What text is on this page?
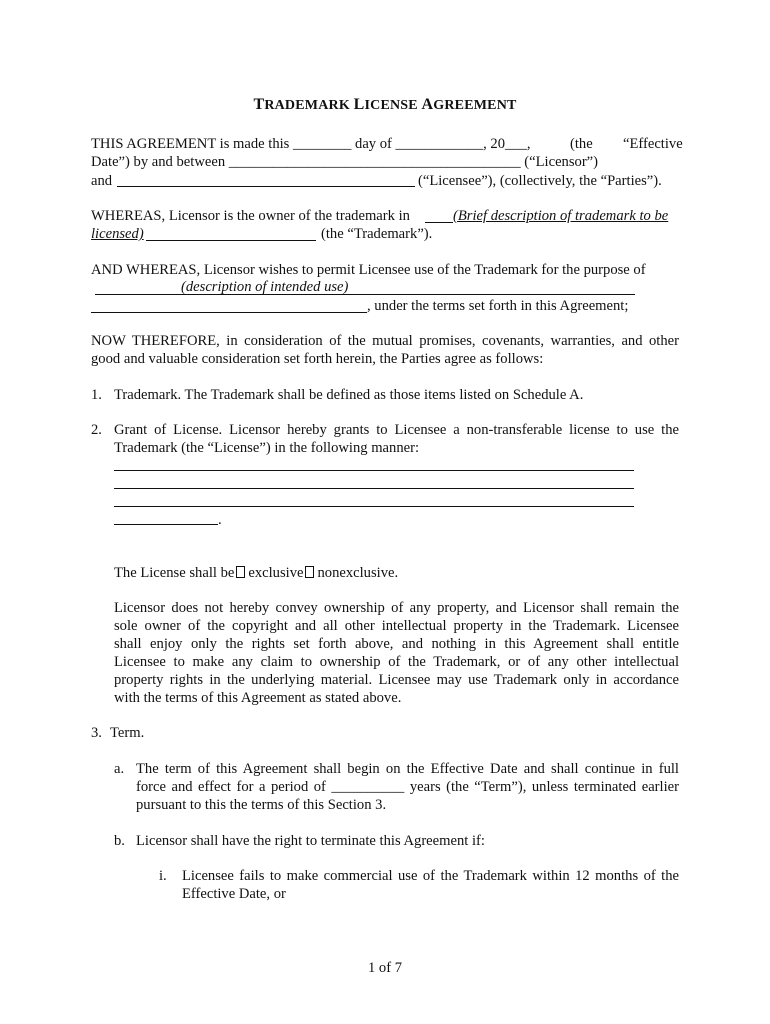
TRADEMARK LICENSE AGREEMENT
THIS AGREEMENT is made this ________ day of ____________, 20___,	(the “Effective
Date”) by and between ________________________________________ (“Licensor”)
and	(“Licensee”), (collectively, the “Parties”).
WHEREAS, Licensor is the owner of the trademark in	(Brief description of trademark to be
licensed)	(the “Trademark”).
AND WHEREAS, Licensor wishes to permit Licensee use of the Trademark for the purpose of
(description of intended use)
, under the terms set forth in this Agreement;
NOW THEREFORE, in consideration of the mutual promises, covenants, warranties, and other
good and valuable consideration set forth herein, the Parties agree as follows:
1. Trademark. The Trademark shall be defined as those items listed on Schedule A.
2. Grant of License. Licensor hereby grants to Licensee a non-transferable license to use the
Trademark (the “License”) in the following manner:
.
The License shall be exclusive nonexclusive.
Licensor does not hereby convey ownership of any property, and Licensor shall remain the
sole owner of the copyright and all other intellectual property in the Trademark. Licensee
shall enjoy only the rights set forth above, and nothing in this Agreement shall entitle
Licensee to make any claim to ownership of the Trademark, or of any other intellectual
property rights in the underlying material. Licensee may use Trademark only in accordance
with the terms of this Agreement as stated above.
3. Term.
a. The term of this Agreement shall begin on the Effective Date and shall continue in full
force and effect for a period of __________ years (the “Term”), unless terminated earlier
pursuant to this the terms of this Section 3.
b. Licensor shall have the right to terminate this Agreement if:
i. Licensee fails to make commercial use of the Trademark within 12 months of the
Effective Date, or
1 of 7
